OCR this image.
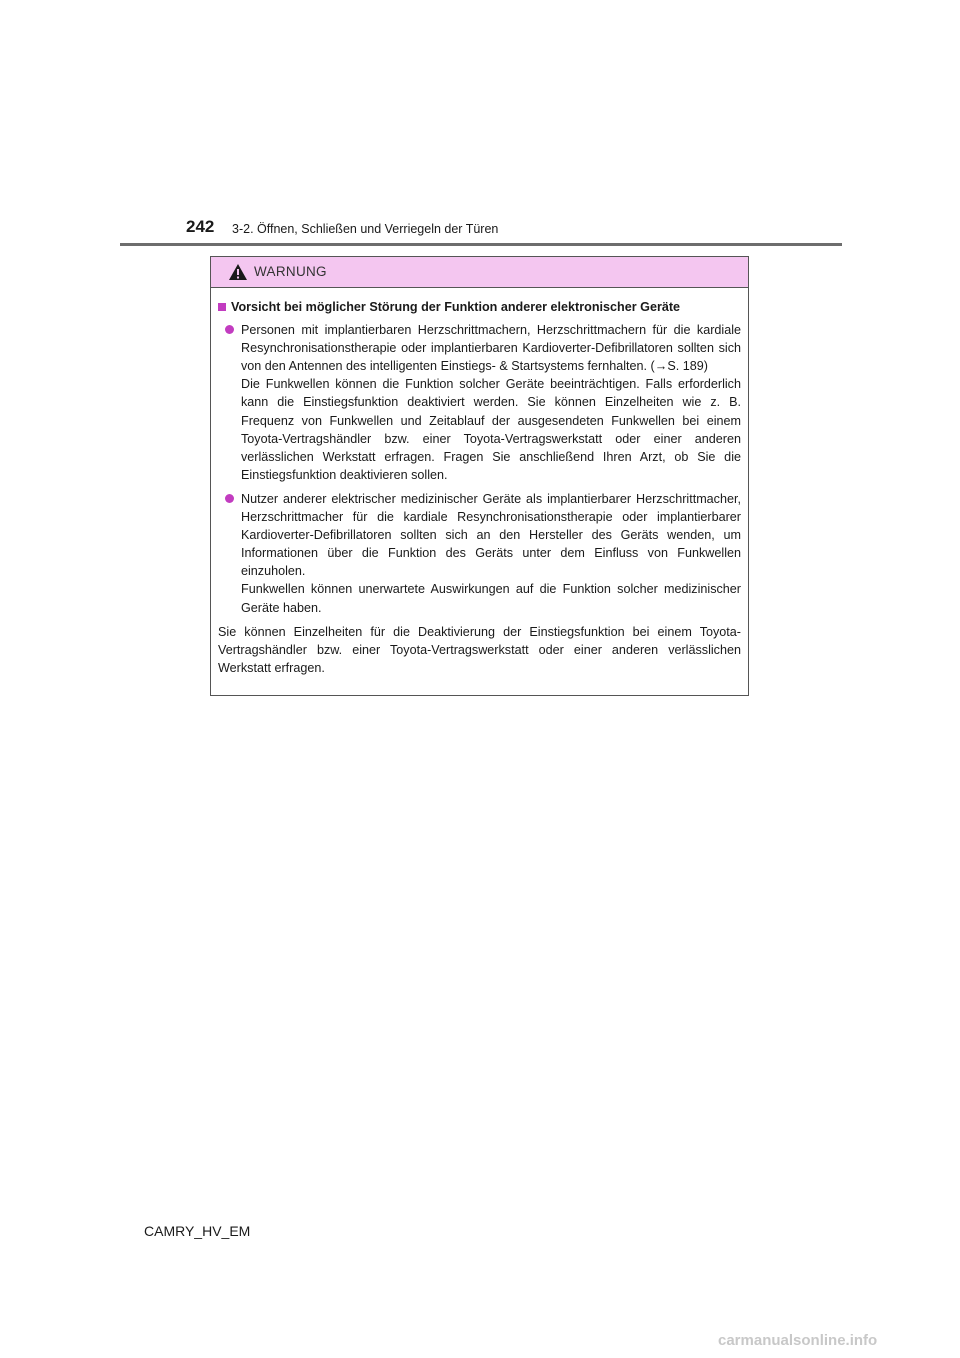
242 3-2. Öffnen, Schließen und Verriegeln der Türen
WARNUNG
Vorsicht bei möglicher Störung der Funktion anderer elektronischer Geräte

Personen mit implantierbaren Herzschrittmachern, Herzschrittmachern für die kardiale Resynchronisationstherapie oder implantierbaren Kardioverter-Defibrillatoren sollten sich von den Antennen des intelligenten Einstiegs- & Startsystems fernhalten. (→S. 189)

Die Funkwellen können die Funktion solcher Geräte beeinträchtigen. Falls erforderlich kann die Einstiegsfunktion deaktiviert werden. Sie können Einzelheiten wie z. B. Frequenz von Funkwellen und Zeitablauf der ausgesendeten Funkwellen bei einem Toyota-Vertragshändler bzw. einer Toyota-Vertragswerkstatt oder einer anderen verlässlichen Werkstatt erfragen. Fragen Sie anschließend Ihren Arzt, ob Sie die Einstiegsfunktion deaktivieren sollen.

Nutzer anderer elektrischer medizinischer Geräte als implantierbarer Herzschrittmacher, Herzschrittmacher für die kardiale Resynchronisationstherapie oder implantierbarer Kardioverter-Defibrillatoren sollten sich an den Hersteller des Geräts wenden, um Informationen über die Funktion des Geräts unter dem Einfluss von Funkwellen einzuholen.

Funkwellen können unerwartete Auswirkungen auf die Funktion solcher medizinischer Geräte haben.

Sie können Einzelheiten für die Deaktivierung der Einstiegsfunktion bei einem Toyota-Vertragshändler bzw. einer Toyota-Vertragswerkstatt oder einer anderen verlässlichen Werkstatt erfragen.

CAMRY_HV_EM
carmanualsonline.info
